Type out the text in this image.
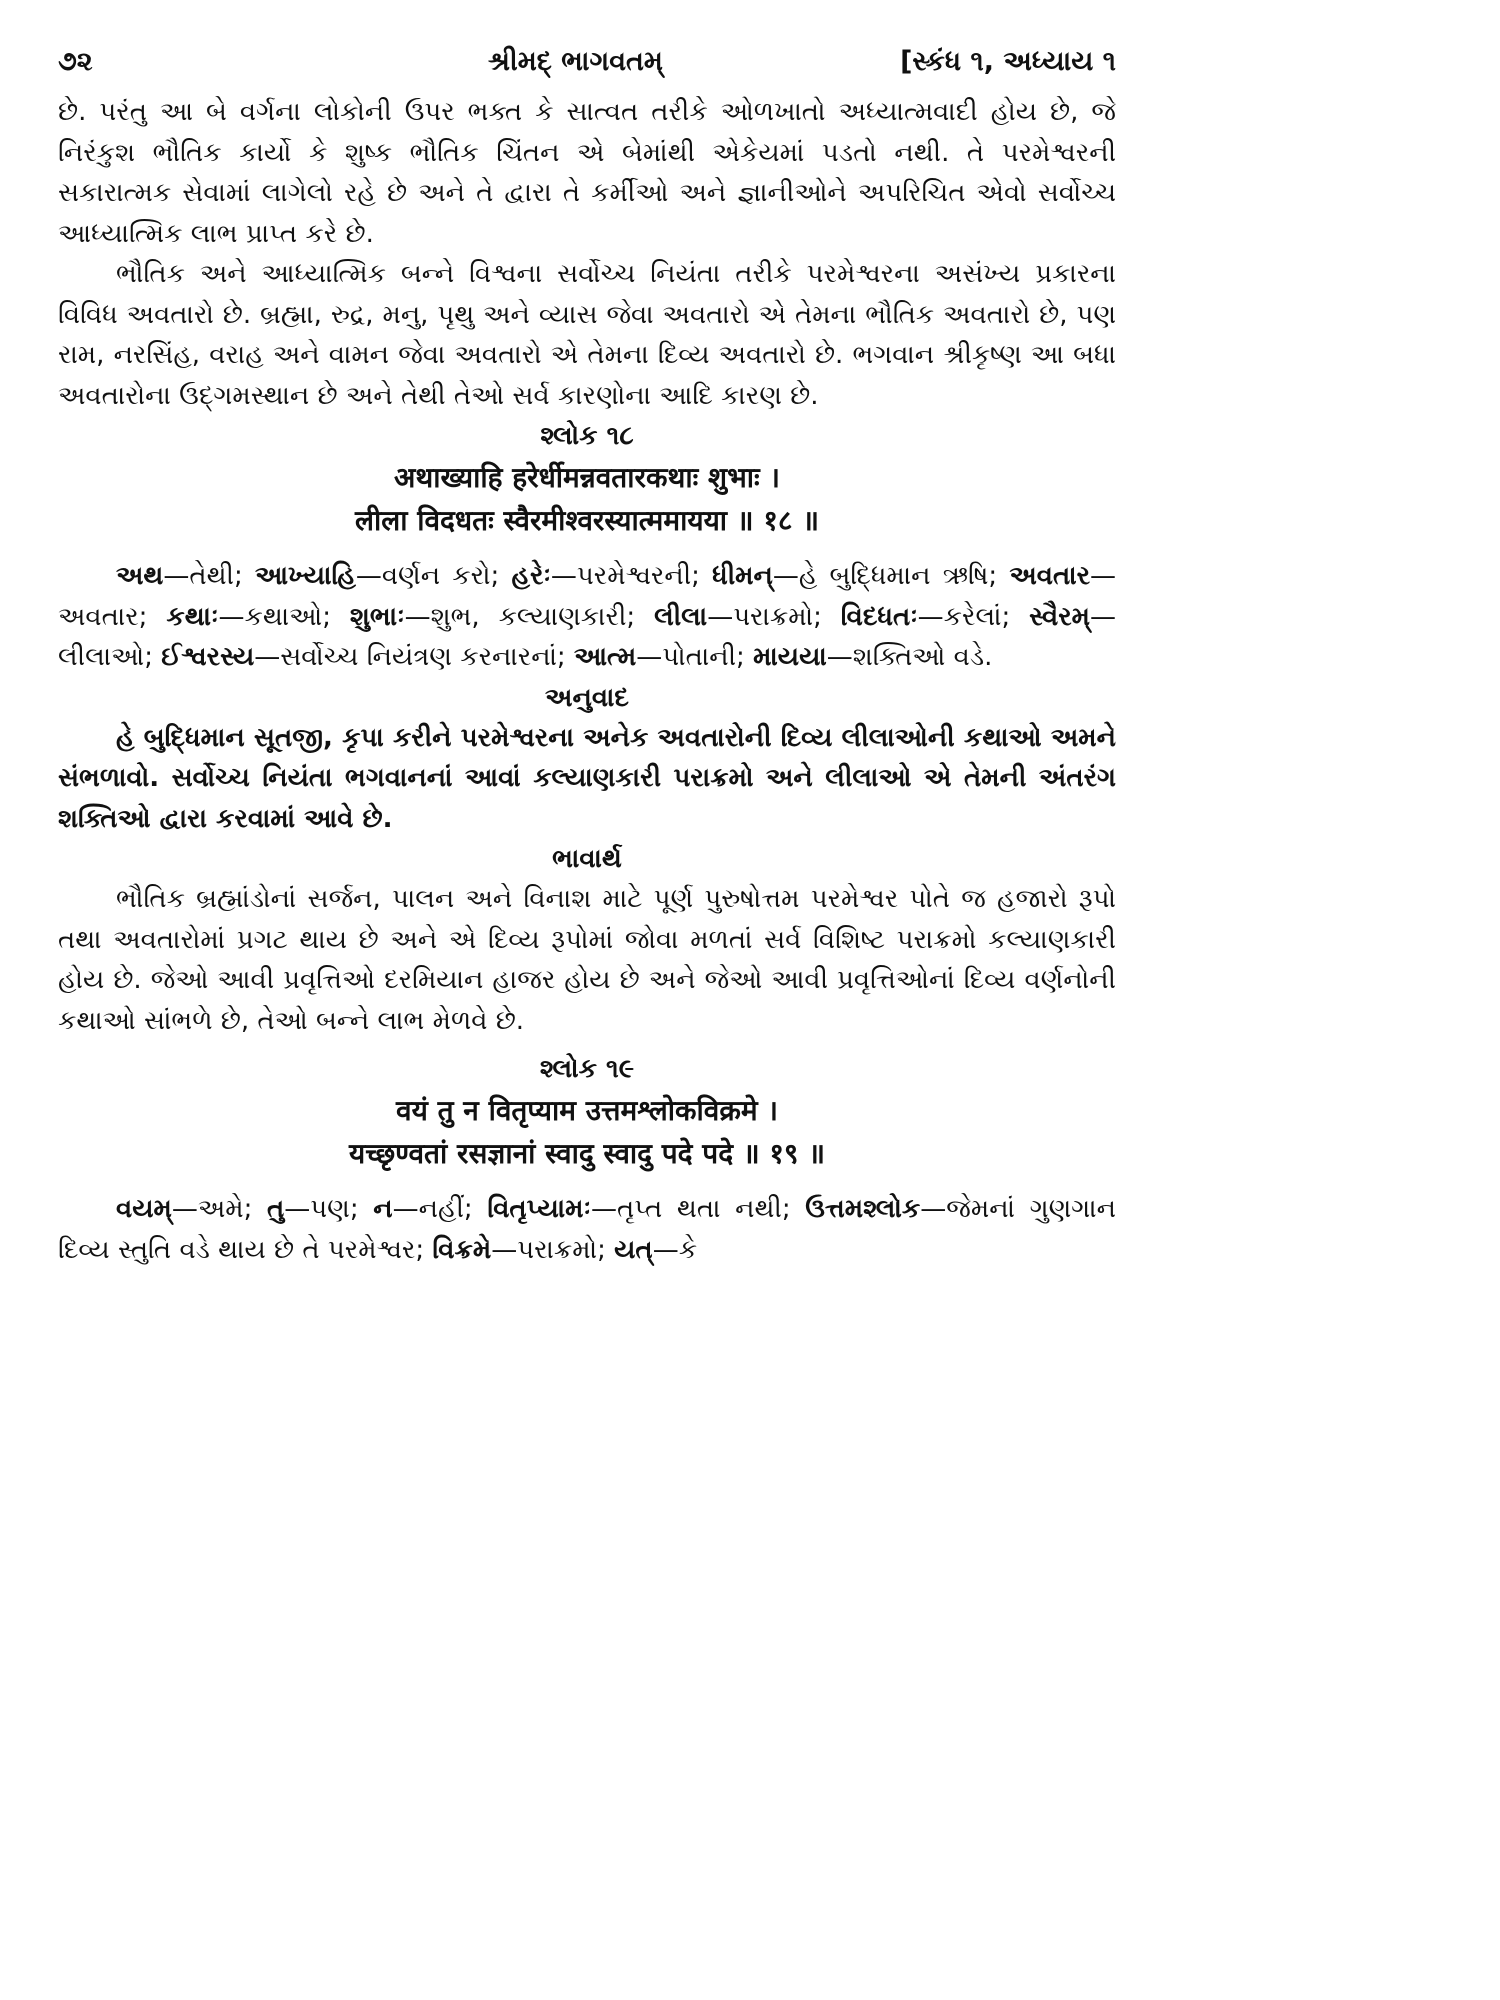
૭૨	શ્રીમદ્ ભાગવતમ્	[સ્કંધ ૧, અધ્યાય ૧

છે. પરંતુ આ બે વર્ગના લોકોની ઉપર ભક્ત કે સાત્વત તરીકે ઓળખાતો અધ્યાત્મવાદી હોય છે, જે નિરંકુશ ભૌતિક કાર્યો કે શુષ્ક ભૌતિક ચિંતન એ બેમાંથી એકેયમાં પડતો નથી. તે પરમેશ્વરની સકારાત્મક સેવામાં લાગેલો રહે છે અને તે દ્વારા તે કર્મીઓ અને જ્ઞાનીઓને અપરિચિત એવો સર્વોચ્ચ આધ્યાત્મિક લાભ પ્રાપ્ત કરે છે.

ભૌતિક અને આધ્યાત્મિક બન્ને વિશ્વના સર્વોચ્ચ નિયંતા તરીકે પરમેશ્વરના અસંખ્ય પ્રકારના વિવિધ અવતારો છે. બ્રહ્મા, રુદ્ર, મનુ, પૃથુ અને વ્યાસ જેવા અવતારો એ તેમના ભૌતિક અવતારો છે, પણ રામ, નરસિંહ, વરાહ અને વામન જેવા અવતારો એ તેમના દિવ્ય અવતારો છે. ભગવાન શ્રીકૃષ્ણ આ બધા અવતારોના ઉદ્ગમસ્થાન છે અને તેથી તેઓ સર્વ કારણોના આદિ કારણ છે.

શ્લોક ૧૮

अथाख्याहि हरेर्धीमन्नवतारकथाः शुभाः ।
लीला विदधतः स्वैरमीश्वरस्यात्ममायया ॥ १८ ॥

અથ—તેથી; આખ્યાહિ—વર્ણન કરો; હરેઃ—પરમેશ્વરની; ધીમન્—હે બુદ્ધિમાન ઋષિ; અવતાર—અવતાર; કથાઃ—કથાઓ; શુભાઃ—શુભ, કલ્યાણકારી; લીલા—પરાક્રમો; વિદધતઃ—કરેલાં; સ્વૈરમ્—લીલાઓ; ઈશ્વરસ્ય—સર્વોચ્ચ નિયંત્રણ કરનારનાં; આત્મ—પોતાની; માયયા—શક્તિઓ વડે.

અનુવાદ

હે બુદ્ધિમાન સૂતજી, કૃપા કરીને પરમેશ્વરના અનેક અવતારોની દિવ્ય લીલાઓની કથાઓ અમને સંભળાવો. સર્વોચ્ચ નિયંતા ભગવાનનાં આવાં કલ્યાણકારી પરાક્રમો અને લીલાઓ એ તેમની અંતરંગ શક્તિઓ દ્વારા કરવામાં આવે છે.

ભાવાર્થ

ભૌતિક બ્રહ્માંડોનાં સર્જન, પાલન અને વિનાશ માટે પૂર્ણ પુરુષોત્તમ પરમેશ્વર પોતે જ હજારો રૂપો તથા અવતારોમાં પ્રગટ થાય છે અને એ દિવ્ય રૂપોમાં જોવા મળતાં સર્વ વિશિષ્ટ પરાક્રમો કલ્યાણકારી હોય છે. જેઓ આવી પ્રવૃત્તિઓ દરમિયાન હાજર હોય છે અને જેઓ આવી પ્રવૃત્તિઓનાં દિવ્ય વર્ણનોની કથાઓ સાંભળે છે, તેઓ બન્ને લાભ મેળવે છે.

શ્લોક ૧૯

वयं तु न वितृप्याम उत्तमश्लोकविक्रमे ।
यच्छृण्वतां रसज्ञानां स्वादु स्वादु पदे पदे ॥ १९ ॥

વયમ્—અમે; તુ—પણ; ન—નહીં; વિતૃપ્યામઃ—તૃપ્ત થતા નથી; ઉત્તમશ્લોક—જેમનાં ગુણગાન દિવ્ય સ્તુતિ વડે થાય છે તે પરમેશ્વર; વિક્રમે—પરાક્રમો; યત્—કે
